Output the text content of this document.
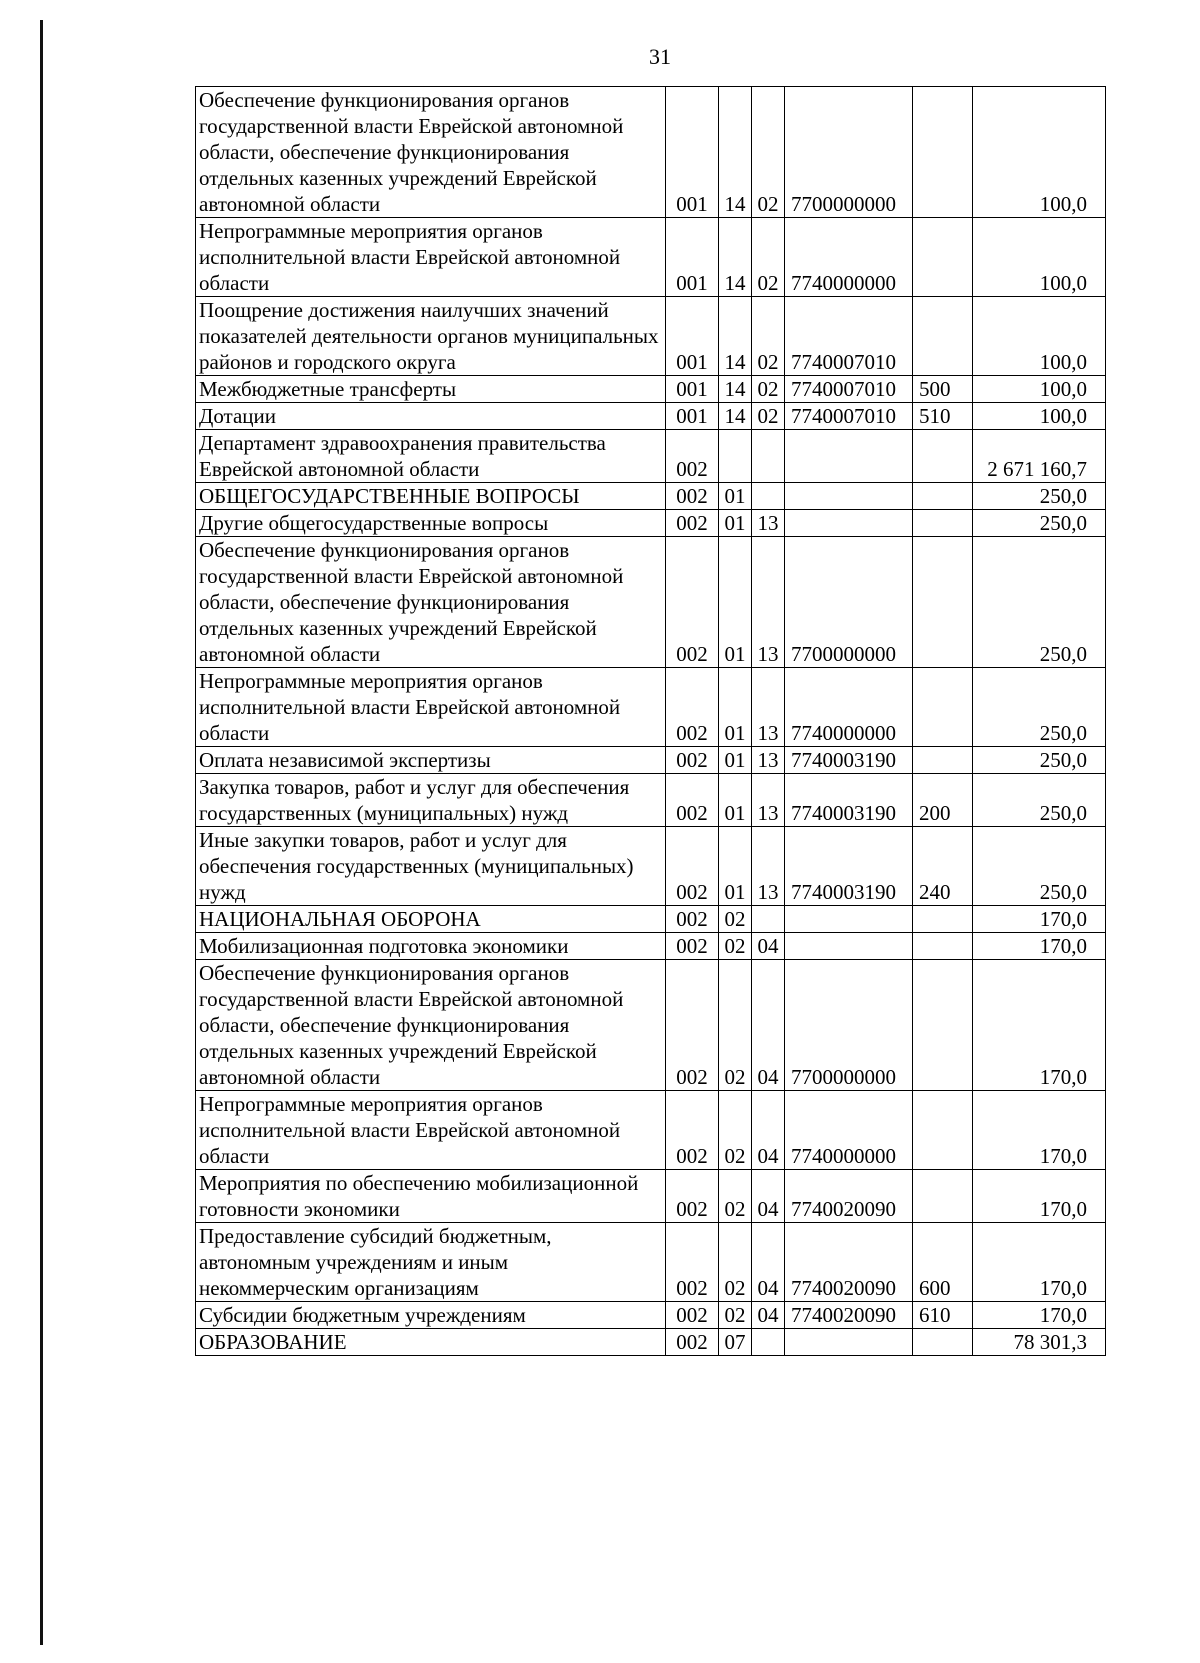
31
Обеспечение функционирования органов государственной власти Еврейской автономной области, обеспечение функционирования отдельных казенных учреждений Еврейской автономной области	001	14	02	7700000000		100,0
Непрограммные мероприятия органов исполнительной власти Еврейской автономной области	001	14	02	7740000000		100,0
Поощрение достижения наилучших значений показателей деятельности органов муниципальных районов и городского округа	001	14	02	7740007010		100,0
Межбюджетные трансферты	001	14	02	7740007010	500	100,0
Дотации	001	14	02	7740007010	510	100,0
Департамент здравоохранения правительства Еврейской автономной области	002					2 671 160,7
ОБЩЕГОСУДАРСТВЕННЫЕ ВОПРОСЫ	002	01				250,0
Другие общегосударственные вопросы	002	01	13			250,0
Обеспечение функционирования органов государственной власти Еврейской автономной области, обеспечение функционирования отдельных казенных учреждений Еврейской автономной области	002	01	13	7700000000		250,0
Непрограммные мероприятия органов исполнительной власти Еврейской автономной области	002	01	13	7740000000		250,0
Оплата независимой экспертизы	002	01	13	7740003190		250,0
Закупка товаров, работ и услуг для обеспечения государственных (муниципальных) нужд	002	01	13	7740003190	200	250,0
Иные закупки товаров, работ и услуг для обеспечения государственных (муниципальных) нужд	002	01	13	7740003190	240	250,0
НАЦИОНАЛЬНАЯ ОБОРОНА	002	02				170,0
Мобилизационная подготовка экономики	002	02	04			170,0
Обеспечение функционирования органов государственной власти Еврейской автономной области, обеспечение функционирования отдельных казенных учреждений Еврейской автономной области	002	02	04	7700000000		170,0
Непрограммные мероприятия органов исполнительной власти Еврейской автономной области	002	02	04	7740000000		170,0
Мероприятия по обеспечению мобилизационной готовности экономики	002	02	04	7740020090		170,0
Предоставление субсидий бюджетным, автономным учреждениям и иным некоммерческим организациям	002	02	04	7740020090	600	170,0
Субсидии бюджетным учреждениям	002	02	04	7740020090	610	170,0
ОБРАЗОВАНИЕ	002	07				78 301,3
